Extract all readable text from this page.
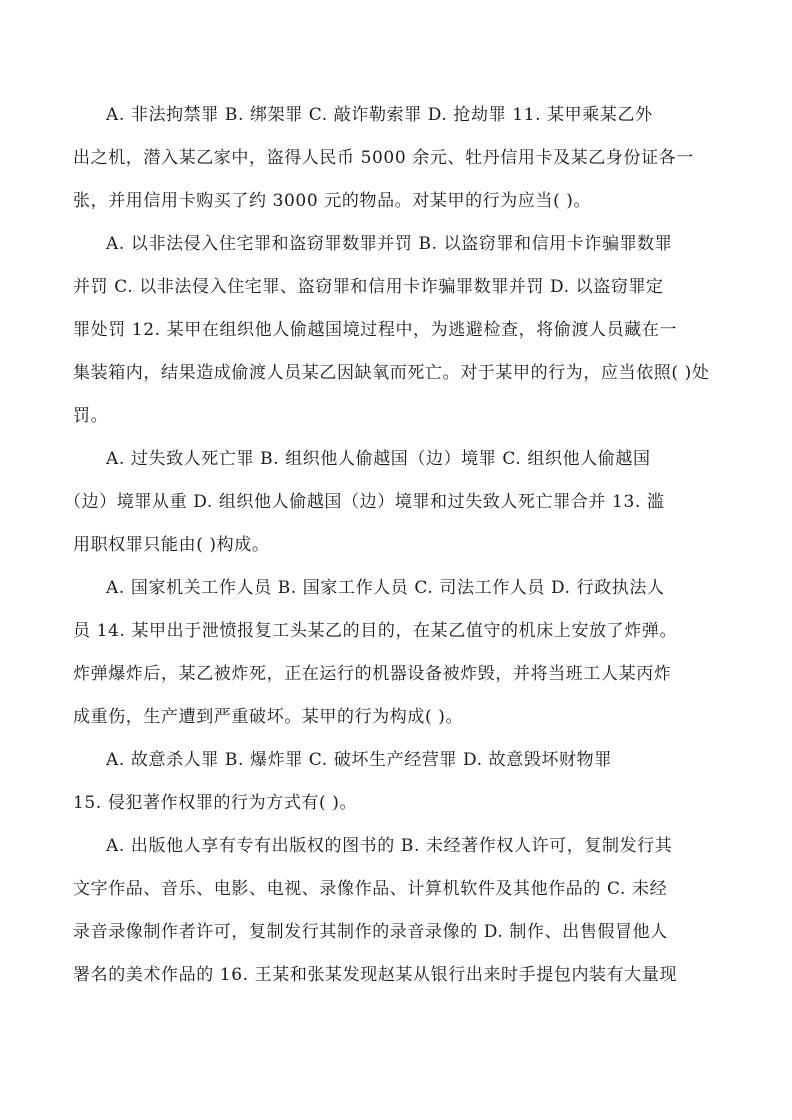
A. 非法拘禁罪 B. 绑架罪 C. 敲诈勒索罪 D. 抢劫罪 11. 某甲乘某乙外
出之机，潜入某乙家中，盗得人民币 5000 余元、牡丹信用卡及某乙身份证各一
张，并用信用卡购买了约 3000 元的物品。对某甲的行为应当( )。
A. 以非法侵入住宅罪和盗窃罪数罪并罚 B. 以盗窃罪和信用卡诈骗罪数罪
并罚 C. 以非法侵入住宅罪、盗窃罪和信用卡诈骗罪数罪并罚 D. 以盗窃罪定
罪处罚 12. 某甲在组织他人偷越国境过程中，为逃避检查，将偷渡人员藏在一
集装箱内，结果造成偷渡人员某乙因缺氧而死亡。对于某甲的行为，应当依照( )处
罚。
A. 过失致人死亡罪 B. 组织他人偷越国（边）境罪 C. 组织他人偷越国
（边）境罪从重 D. 组织他人偷越国（边）境罪和过失致人死亡罪合并 13. 滥
用职权罪只能由( )构成。
A. 国家机关工作人员 B. 国家工作人员 C. 司法工作人员 D. 行政执法人
员 14. 某甲出于泄愤报复工头某乙的目的，在某乙值守的机床上安放了炸弹。
炸弹爆炸后，某乙被炸死，正在运行的机器设备被炸毁，并将当班工人某丙炸
成重伤，生产遭到严重破坏。某甲的行为构成( )。
A. 故意杀人罪 B. 爆炸罪 C. 破坏生产经营罪 D. 故意毁坏财物罪
15. 侵犯著作权罪的行为方式有( )。
A. 出版他人享有专有出版权的图书的 B. 未经著作权人许可，复制发行其
文字作品、音乐、电影、电视、录像作品、计算机软件及其他作品的 C. 未经
录音录像制作者许可，复制发行其制作的录音录像的 D. 制作、出售假冒他人
署名的美术作品的 16. 王某和张某发现赵某从银行出来时手提包内装有大量现
